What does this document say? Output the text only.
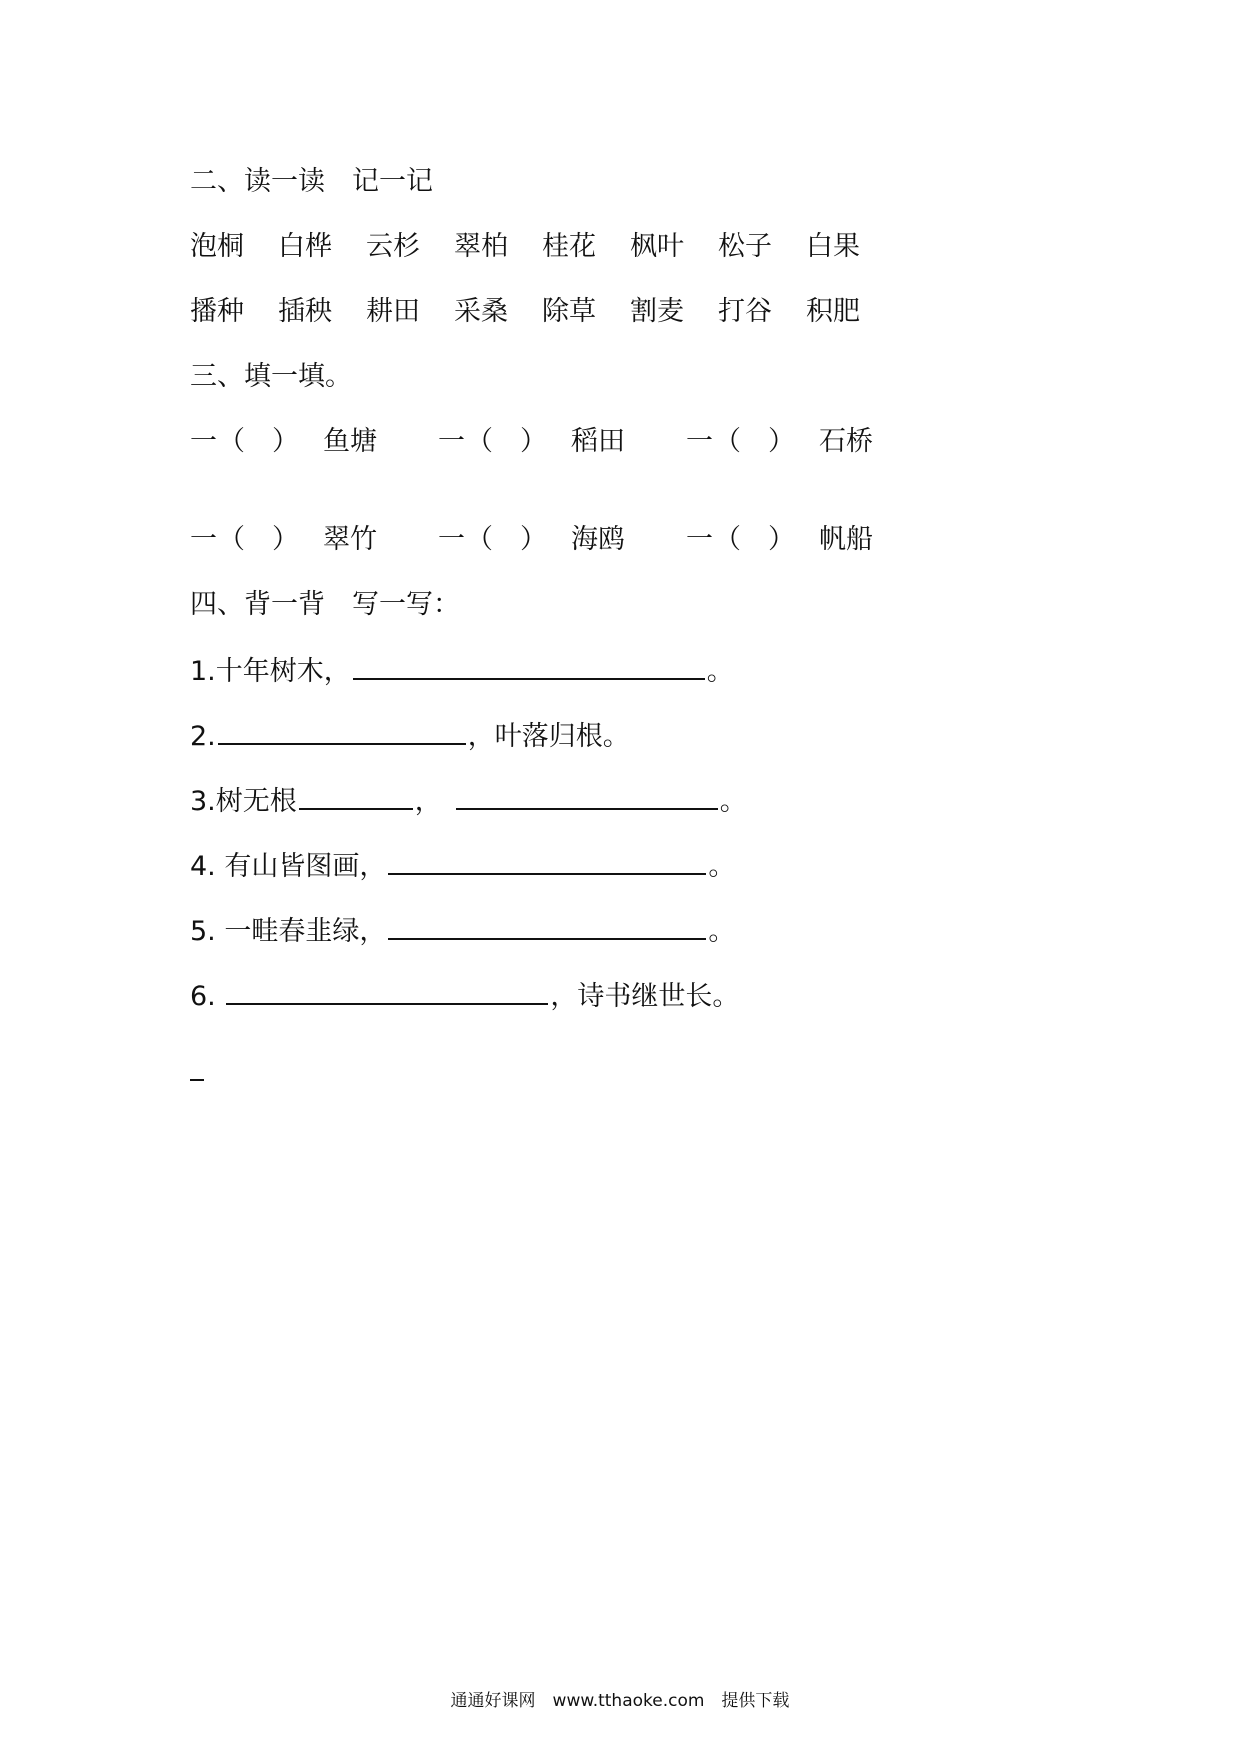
二、读一读　记一记
泡桐 白桦 云杉 翠柏 桂花 枫叶 松子 白果
播种 插秧 耕田 采桑 除草 割麦 打谷 积肥
三、填一填。
一 （　 ） 鱼塘 一 （　 ） 稻田 一 （　 ） 石桥
一 （　 ） 翠竹 一 （　 ） 海鸥 一 （　 ） 帆船
四、背一背　写一写：
1.十年树木，	。
2.	，叶落归根。
3.树无根	，	。
4. 有山皆图画，	。
5. 一畦春韭绿，	。
6.	，诗书继世长。
通通好课网　www.tthaoke.com　提供下载
